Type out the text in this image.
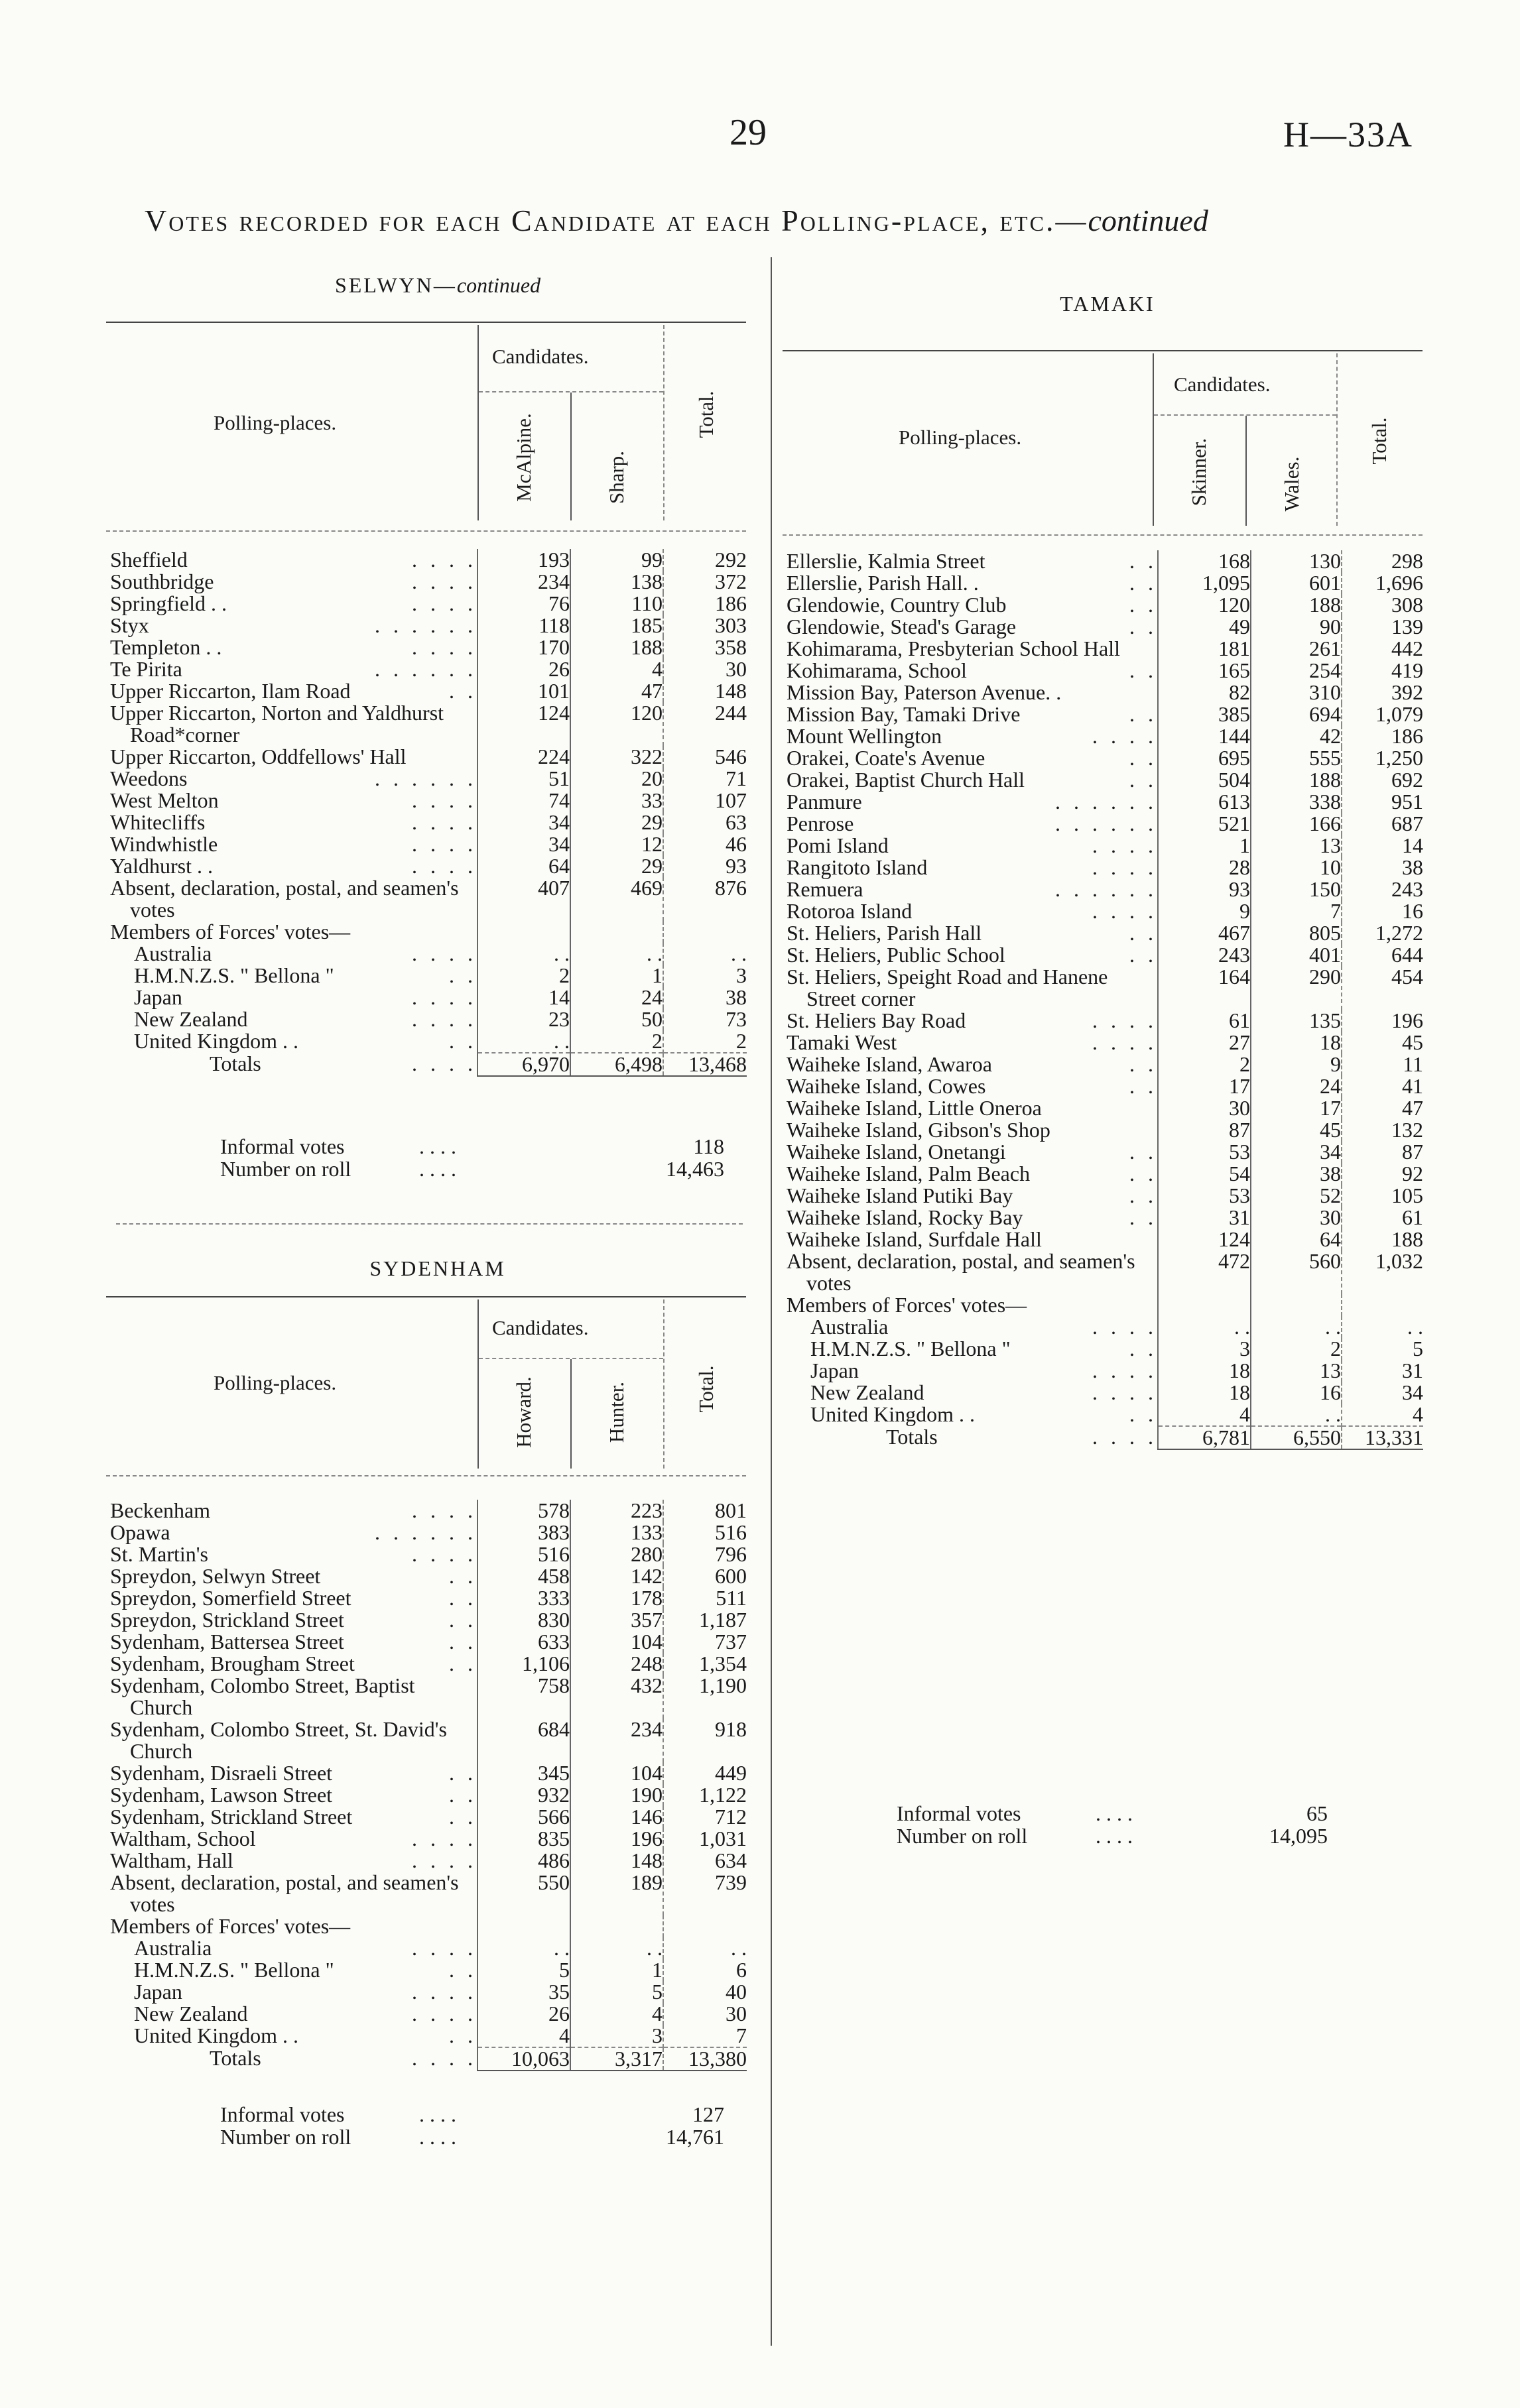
29	H—33A
Votes recorded for each Candidate at each Polling-place, etc.—continued
SELWYN—continued
Polling-places.
Candidates.
McAlpine.	Sharp.
Total.
. . . .
Sheffield	193	99	292

. . . .
Southbridge	234	138	372

. . . .
Springfield . .	76	110	186

. . . . . .
Styx	118	185	303

. . . .
Templeton . .	170	188	358

. . . . . .
Te Pirita	26	4	30

. .
Upper Riccarton, Ilam Road	101	47	148
Upper Riccarton, Norton and Yaldhurst Road*corner	124	120	244
Upper Riccarton, Oddfellows' Hall	224	322	546

. . . . . .
Weedons	51	20	71

. . . .
West Melton	74	33	107

. . . .
Whitecliffs	34	29	63

. . . .
Windwhistle	34	12	46

. . . .
Yaldhurst . .	64	29	93
Absent, declaration, postal, and seamen's votes	407	469	876
Members of Forces' votes—			

. . . .
Australia	. .	. .	. .

. .
H.M.N.Z.S. " Bellona "	2	1	3

. . . .
Japan	14	24	38

. . . .
New Zealand	23	50	73

. .
United Kingdom . .	. .	2	2

. . . .
Totals	6,970	6,498	13,468
Informal votes	. . . .	118
Number on roll	. . . .	14,463
SYDENHAM
Polling-places.
Candidates.
Howard.	Hunter.	Total.
. . . .
Beckenham	578	223	801

. . . . . .
Opawa	383	133	516

. . . .
St. Martin's	516	280	796

. .
Spreydon, Selwyn Street	458	142	600

. .
Spreydon, Somerfield Street	333	178	511

. .
Spreydon, Strickland Street	830	357	1,187

. .
Sydenham, Battersea Street	633	104	737

. .
Sydenham, Brougham Street	1,106	248	1,354
Sydenham, Colombo Street, Baptist Church	758	432	1,190
Sydenham, Colombo Street, St. David's Church	684	234	918

. .
Sydenham, Disraeli Street	345	104	449

. .
Sydenham, Lawson Street	932	190	1,122

. .
Sydenham, Strickland Street	566	146	712

. . . .
Waltham, School	835	196	1,031

. . . .
Waltham, Hall	486	148	634
Absent, declaration, postal, and seamen's votes	550	189	739
Members of Forces' votes—			

. . . .
Australia	. .	. .	. .

. .
H.M.N.Z.S. " Bellona "	5	1	6

. . . .
Japan	35	5	40

. . . .
New Zealand	26	4	30

. .
United Kingdom . .	4	3	7

. . . .
Totals	10,063	3,317	13,380
Informal votes	. . . .	127
Number on roll	. . . .	14,761
TAMAKI
Polling-places.
Candidates.
Skinner.	Wales.
Total.
. .
Ellerslie, Kalmia Street	168	130	298

. .
Ellerslie, Parish Hall. .	1,095	601	1,696

. .
Glendowie, Country Club	120	188	308

. .
Glendowie, Stead's Garage	49	90	139
Kohimarama, Presbyterian School Hall	181	261	442

. .
Kohimarama, School	165	254	419
Mission Bay, Paterson Avenue. .	82	310	392

. .
Mission Bay, Tamaki Drive	385	694	1,079

. . . .
Mount Wellington	144	42	186

. .
Orakei, Coate's Avenue	695	555	1,250

. .
Orakei, Baptist Church Hall	504	188	692

. . . . . .
Panmure	613	338	951

. . . . . .
Penrose	521	166	687

. . . .
Pomi Island	1	13	14

. . . .
Rangitoto Island	28	10	38

. . . . . .
Remuera	93	150	243

. . . .
Rotoroa Island	9	7	16

. .
St. Heliers, Parish Hall	467	805	1,272

. .
St. Heliers, Public School	243	401	644
St. Heliers, Speight Road and Hanene Street corner	164	290	454

. . . .
St. Heliers Bay Road	61	135	196

. . . .
Tamaki West	27	18	45

. .
Waiheke Island, Awaroa	2	9	11

. .
Waiheke Island, Cowes	17	24	41
Waiheke Island, Little Oneroa	30	17	47
Waiheke Island, Gibson's Shop	87	45	132

. .
Waiheke Island, Onetangi	53	34	87

. .
Waiheke Island, Palm Beach	54	38	92

. .
Waiheke Island Putiki Bay	53	52	105

. .
Waiheke Island, Rocky Bay	31	30	61
Waiheke Island, Surfdale Hall	124	64	188
Absent, declaration, postal, and seamen's votes	472	560	1,032
Members of Forces' votes—			

. . . .
Australia	. .	. .	. .

. .
H.M.N.Z.S. " Bellona "	3	2	5

. . . .
Japan	18	13	31

. . . .
New Zealand	18	16	34

. .
United Kingdom . .	4	. .	4

. . . .
Totals	6,781	6,550	13,331
Informal votes	. . . .	65
Number on roll	. . . .	14,095
